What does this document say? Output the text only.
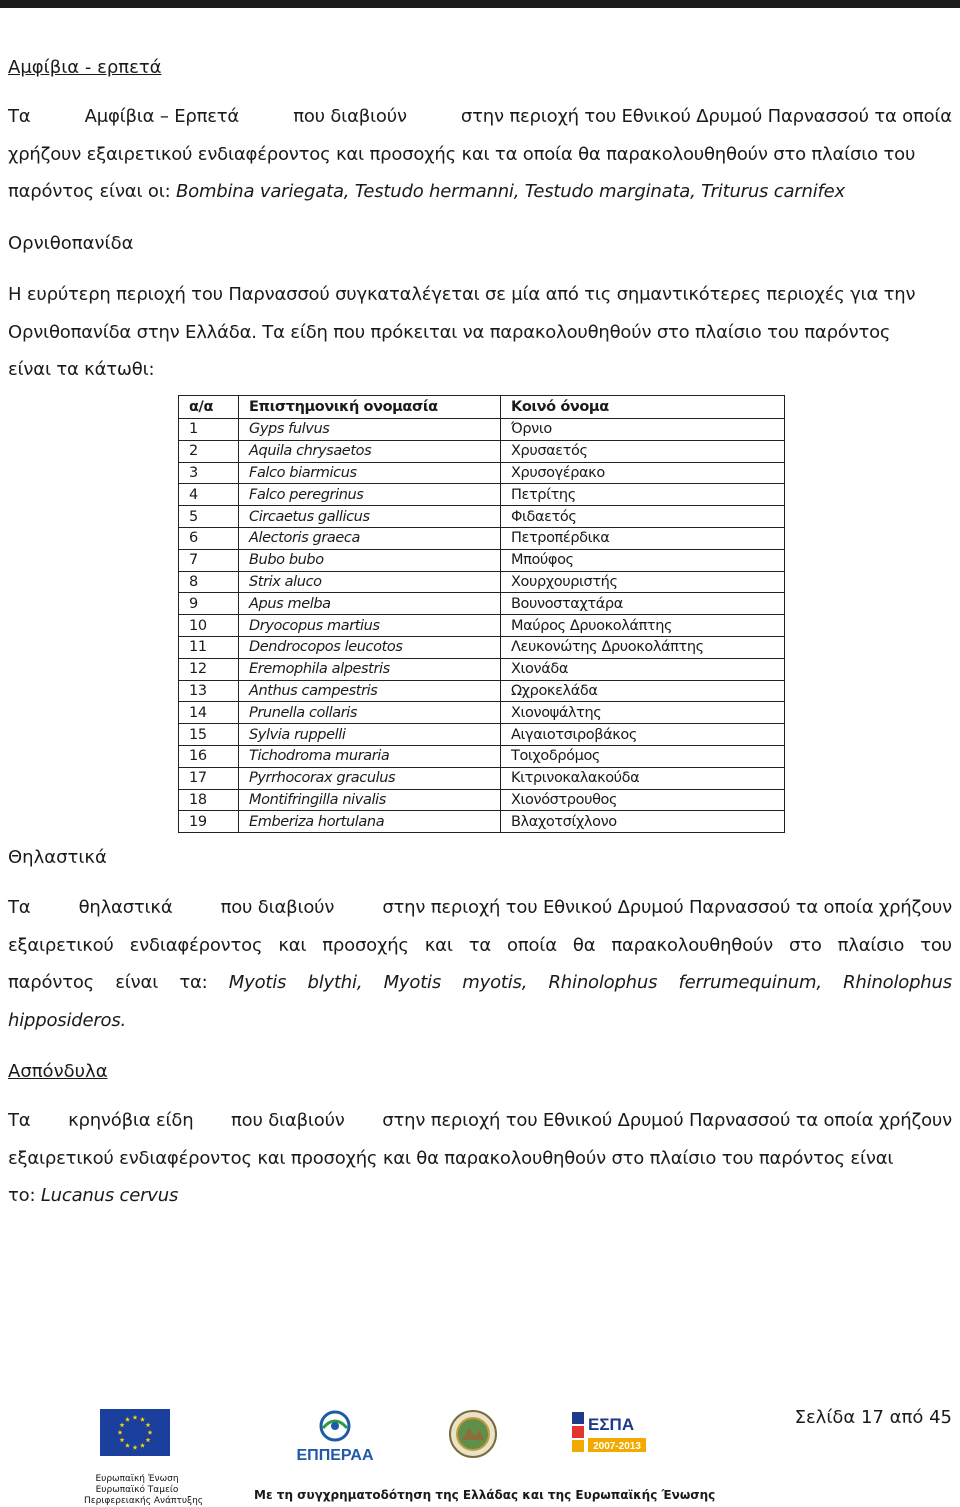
Αμφίβια - ερπετά
Τα	Αμφίβια – Ερπετά	που διαβιούν	στην περιοχή του Εθνικού Δρυμού Παρνασσού τα οποία
χρήζουν εξαιρετικού ενδιαφέροντος και προσοχής και τα οποία θα παρακολουθηθούν στο πλαίσιο του
παρόντος είναι οι: Bombina variegata, Testudo hermanni, Testudo marginata, Triturus carnifex
Ορνιθοπανίδα
Η ευρύτερη περιοχή του Παρνασσού συγκαταλέγεται σε μία από τις σημαντικότερες περιοχές για την
Ορνιθοπανίδα στην Ελλάδα. Τα είδη που πρόκειται να παρακολουθηθούν στο πλαίσιο του παρόντος
είναι τα κάτωθι:
α/α	Επιστημονική ονομασία	Κοινό όνομα
1	Gyps fulvus	Όρνιο
2	Aquila chrysaetos	Χρυσαετός
3	Falco biarmicus	Χρυσογέρακο
4	Falco peregrinus	Πετρίτης
5	Circaetus gallicus	Φιδαετός
6	Alectoris graeca	Πετροπέρδικα
7	Bubo bubo	Μπούφος
8	Strix aluco	Χουρχουριστής
9	Apus melba	Βουνοσταχτάρα
10	Dryocopus martius	Μαύρος Δρυοκολάπτης
11	Dendrocopos leucotos	Λευκονώτης Δρυοκολάπτης
12	Eremophila alpestris	Χιονάδα
13	Anthus campestris	Ωχροκελάδα
14	Prunella collaris	Χιονοψάλτης
15	Sylvia ruppelli	Αιγαιοτσιροβάκος
16	Tichodroma muraria	Τοιχοδρόμος
17	Pyrrhocorax graculus	Κιτρινοκαλακούδα
18	Montifringilla nivalis	Χιονόστρουθος
19	Emberiza hortulana	Βλαχοτσίχλονο
Θηλαστικά
Τα	θηλαστικά	που διαβιούν	στην περιοχή του Εθνικού Δρυμού Παρνασσού τα οποία χρήζουν
εξαιρετικού ενδιαφέροντος και προσοχής και τα οποία θα παρακολουθηθούν στο πλαίσιο του
παρόντος είναι τα: Myotis blythi, Myotis myotis, Rhinolophus ferrumequinum, Rhinolophus
hipposideros.
Ασπόνδυλα
Τα κρηνόβια είδη που διαβιούν στην περιοχή του Εθνικού Δρυμού Παρνασσού τα οποία χρήζουν
εξαιρετικού ενδιαφέροντος και προσοχής και θα παρακολουθηθούν στο πλαίσιο του παρόντος είναι
το: Lucanus cervus
Σελίδα 17 από 45
Ευρωπαϊκή Ένωση
Ευρωπαϊκό Ταμείο
Περιφερειακής Ανάπτυξης
ΕΠΠΕΡΑΑ
ΕΣΠΑ
2007-2013
Με τη συγχρηματοδότηση της Ελλάδας και της Ευρωπαϊκής Ένωσης
